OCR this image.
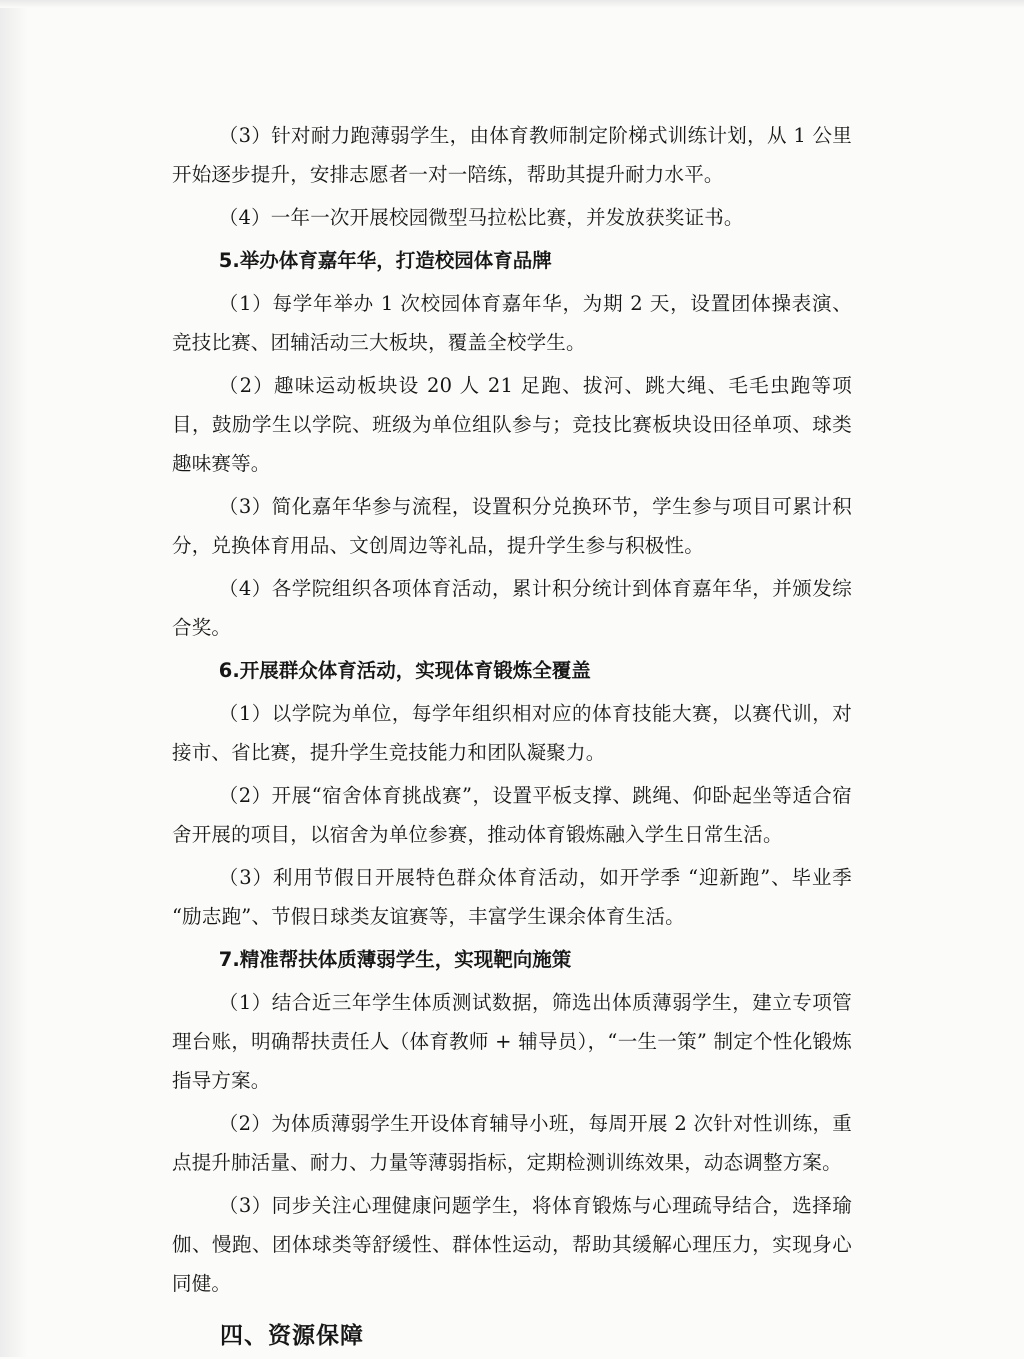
（3）针对耐力跑薄弱学生，由体育教师制定阶梯式训练计划，从 1 公里开始逐步提升，安排志愿者一对一陪练，帮助其提升耐力水平。

（4）一年一次开展校园微型马拉松比赛，并发放获奖证书。

5.举办体育嘉年华，打造校园体育品牌

（1）每学年举办 1 次校园体育嘉年华，为期 2 天，设置团体操表演、竞技比赛、团辅活动三大板块，覆盖全校学生。

（2）趣味运动板块设 20 人 21 足跑、拔河、跳大绳、毛毛虫跑等项目，鼓励学生以学院、班级为单位组队参与；竞技比赛板块设田径单项、球类趣味赛等。

（3）简化嘉年华参与流程，设置积分兑换环节，学生参与项目可累计积分，兑换体育用品、文创周边等礼品，提升学生参与积极性。

（4）各学院组织各项体育活动，累计积分统计到体育嘉年华，并颁发综合奖。

6.开展群众体育活动，实现体育锻炼全覆盖

（1）以学院为单位，每学年组织相对应的体育技能大赛，以赛代训，对接市、省比赛，提升学生竞技能力和团队凝聚力。

（2）开展“宿舍体育挑战赛”，设置平板支撑、跳绳、仰卧起坐等适合宿舍开展的项目，以宿舍为单位参赛，推动体育锻炼融入学生日常生活。

（3）利用节假日开展特色群众体育活动，如开学季 “迎新跑”、毕业季 “励志跑”、节假日球类友谊赛等，丰富学生课余体育生活。

7.精准帮扶体质薄弱学生，实现靶向施策

（1）结合近三年学生体质测试数据，筛选出体质薄弱学生，建立专项管理台账，明确帮扶责任人（体育教师 + 辅导员），“一生一策” 制定个性化锻炼指导方案。

（2）为体质薄弱学生开设体育辅导小班，每周开展 2 次针对性训练，重点提升肺活量、耐力、力量等薄弱指标，定期检测训练效果，动态调整方案。

（3）同步关注心理健康问题学生，将体育锻炼与心理疏导结合，选择瑜伽、慢跑、团体球类等舒缓性、群体性运动，帮助其缓解心理压力，实现身心同健。

四、资源保障
